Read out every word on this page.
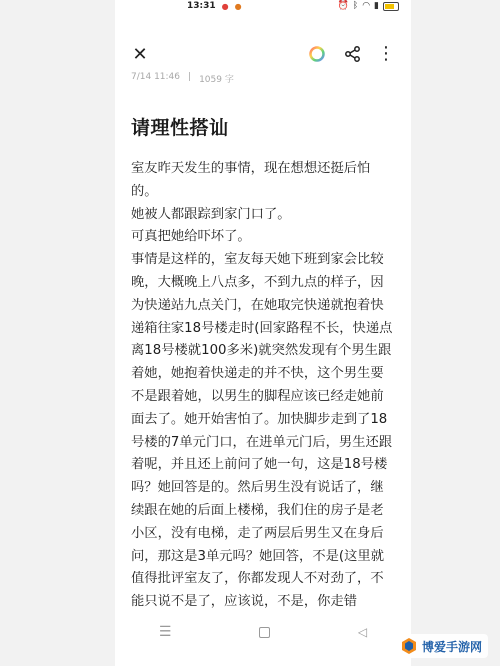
13:31 ● ●	⏰ ᛒ ◠ ▮
✕	⋮
7/14 11:46 | 1059 字
请理性搭讪

室友昨天发生的事情，现在想想还挺后怕的。

她被人都跟踪到家门口了。

可真把她给吓坏了。

事情是这样的，室友每天她下班到家会比较晚，大概晚上八点多，不到九点的样子，因为快递站九点关门，在她取完快递就抱着快递箱往家18号楼走时(回家路程不长，快递点离18号楼就100多米)就突然发现有个男生跟着她，她抱着快递走的并不快，这个男生要不是跟着她，以男生的脚程应该已经走她前面去了。她开始害怕了。加快脚步走到了18号楼的7单元门口，在进单元门后，男生还跟着呢，并且还上前问了她一句，这是18号楼吗？她回答是的。然后男生没有说话了，继续跟在她的后面上楼梯，我们住的房子是老小区，没有电梯，走了两层后男生又在身后问，那这是3单元吗？她回答，不是(这里就值得批评室友了，你都发现人不对劲了，不能只说不是了，应该说，不是，你走错

☰	◁
博爱手游网
